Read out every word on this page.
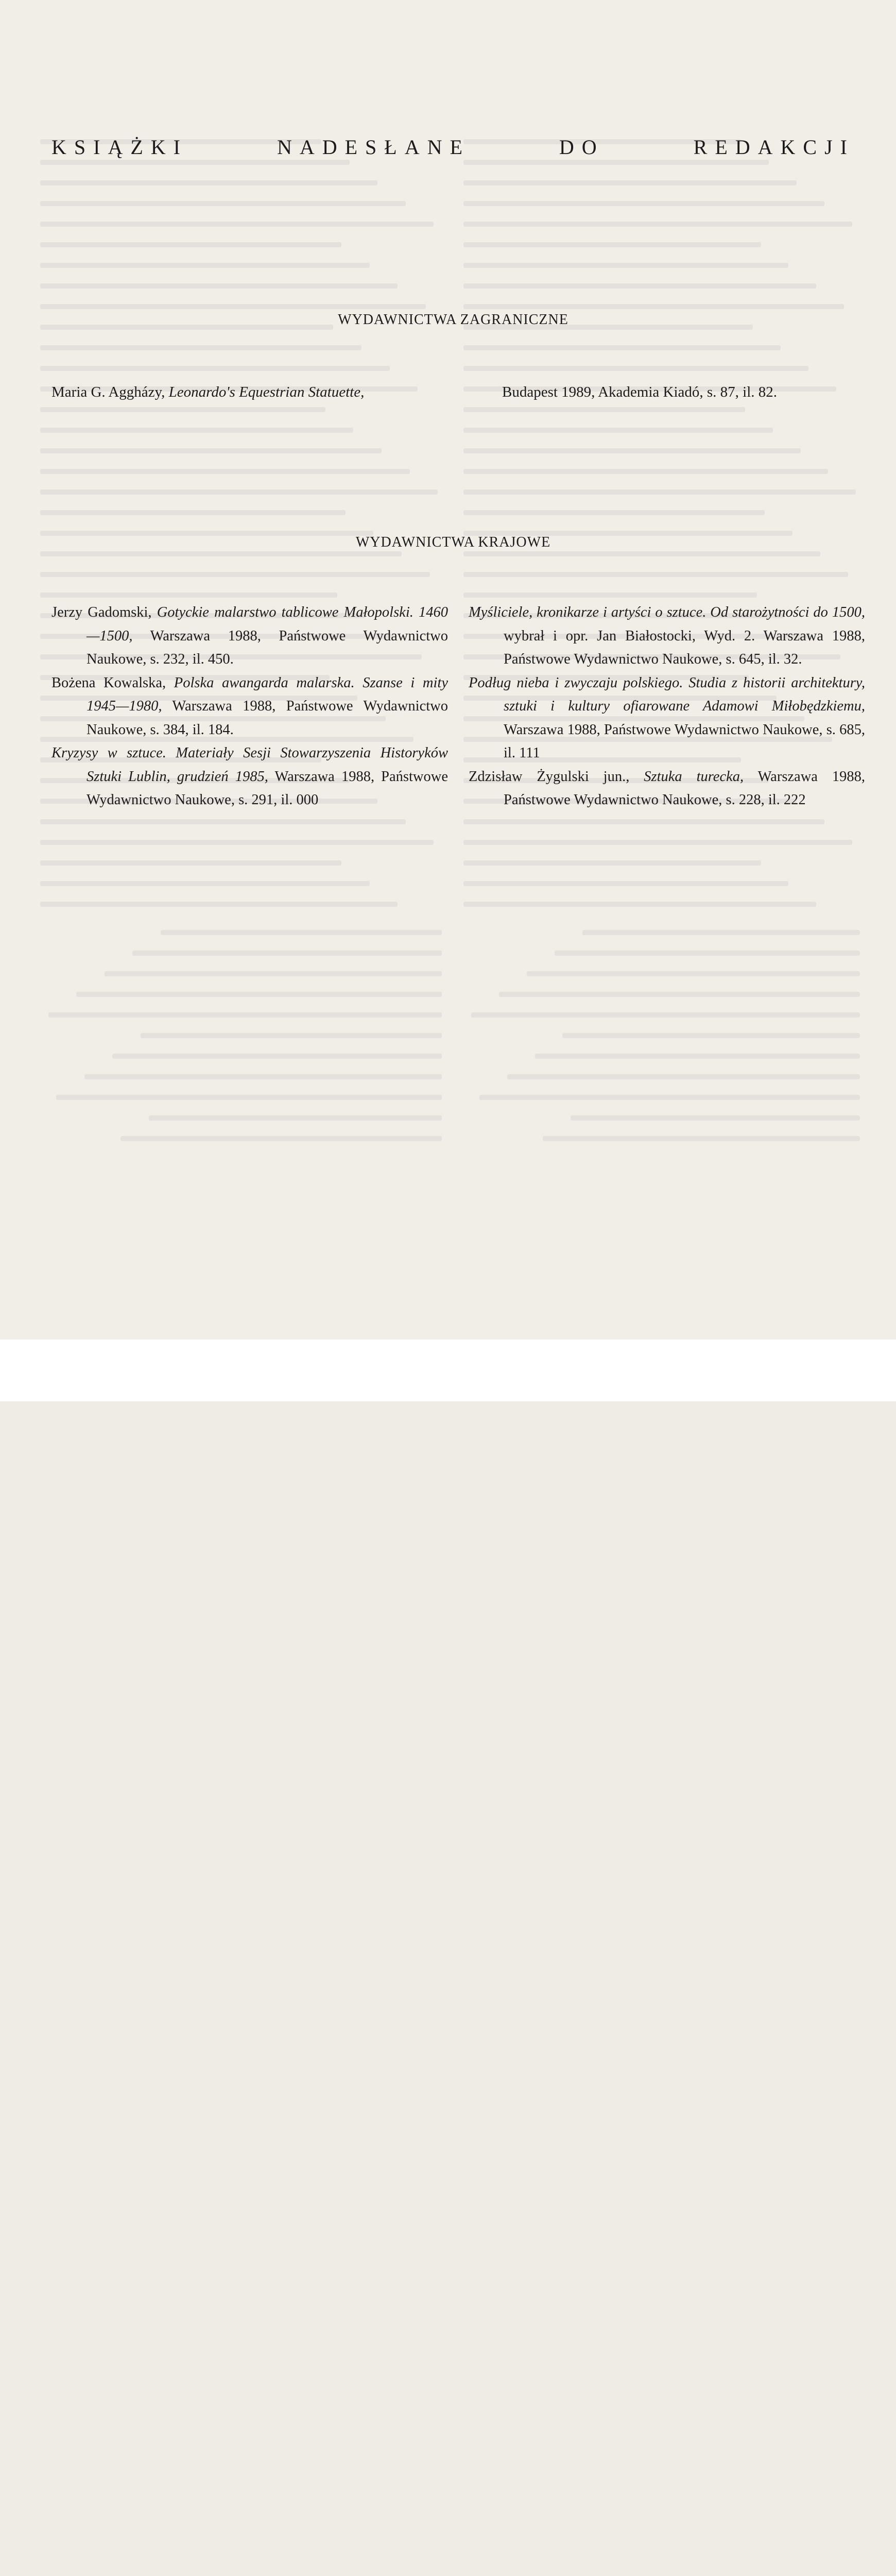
KSIĄŻKI NADESŁANE DO REDAKCJI
WYDAWNICTWA ZAGRANICZNE
Maria G. Aggházy, Leonardo's Equestrian Statuette,	Budapest 1989, Akademia Kiadó, s. 87, il. 82.
WYDAWNICTWA KRAJOWE

Jerzy Gadomski, Gotyckie malarstwo tablicowe Małopolski. 1460—1500, Warszawa 1988, Państwowe Wydawnictwo Naukowe, s. 232, il. 450.

Bożena Kowalska, Polska awangarda malarska. Szanse i mity 1945—1980, Warszawa 1988, Państwowe Wydawnictwo Naukowe, s. 384, il. 184.

Kryzysy w sztuce. Materiały Sesji Stowarzyszenia Historyków Sztuki Lublin, grudzień 1985, Warszawa 1988, Państwowe Wydawnictwo Naukowe, s. 291, il. 000

Myśliciele, kronikarze i artyści o sztuce. Od starożytności do 1500, wybrał i opr. Jan Białostocki, Wyd. 2. Warszawa 1988, Państwowe Wydawnictwo Naukowe, s. 645, il. 32.

Podług nieba i zwyczaju polskiego. Studia z historii architektury, sztuki i kultury ofiarowane Adamowi Miłobędzkiemu, Warszawa 1988, Państwowe Wydawnictwo Naukowe, s. 685, il. 111

Zdzisław Żygulski jun., Sztuka turecka, Warszawa 1988, Państwowe Wydawnictwo Naukowe, s. 228, il. 222
